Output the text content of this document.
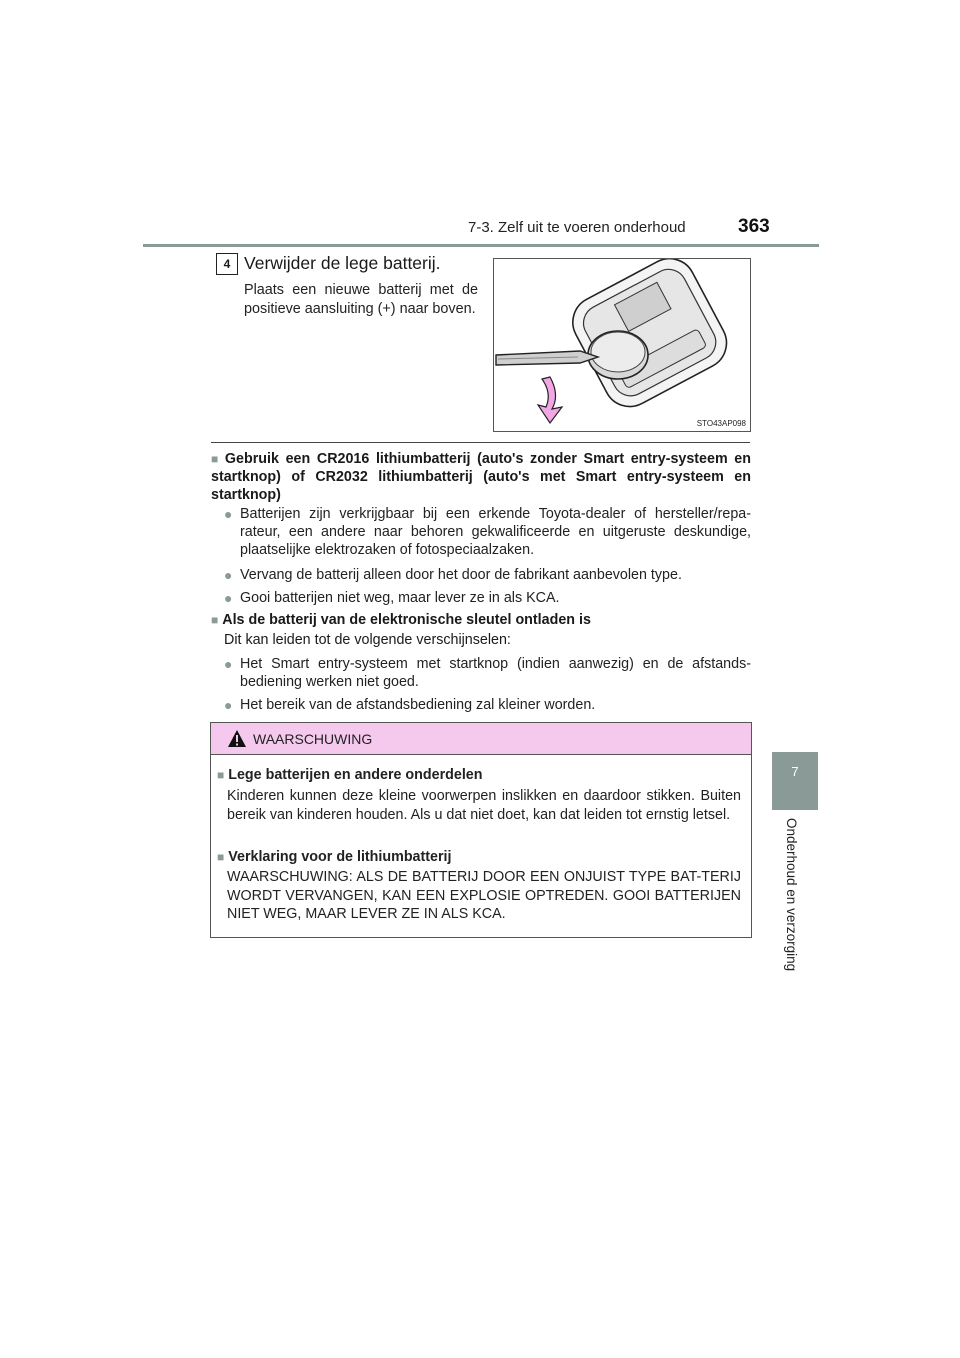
7-3. Zelf uit te voeren onderhoud	363
7
Onderhoud en verzorging
4 Verwijder de lege batterij.
Plaats een nieuwe batterij met de positieve aansluiting (+) naar boven.
STO43AP098
■ Gebruik een CR2016 lithiumbatterij (auto's zonder Smart entry-systeem en startknop) of CR2032 lithiumbatterij (auto's met Smart entry-systeem en startknop)
● Batterijen zijn verkrijgbaar bij een erkende Toyota-dealer of hersteller/repa-rateur, een andere naar behoren gekwalificeerde en uitgeruste deskundige, plaatselijke elektrozaken of fotospeciaalzaken.
● Vervang de batterij alleen door het door de fabrikant aanbevolen type.
● Gooi batterijen niet weg, maar lever ze in als KCA.
■ Als de batterij van de elektronische sleutel ontladen is
Dit kan leiden tot de volgende verschijnselen:
● Het Smart entry-systeem met startknop (indien aanwezig) en de afstands-bediening werken niet goed.
● Het bereik van de afstandsbediening zal kleiner worden.
WAARSCHUWING
■ Lege batterijen en andere onderdelen
Kinderen kunnen deze kleine voorwerpen inslikken en daardoor stikken. Buiten bereik van kinderen houden. Als u dat niet doet, kan dat leiden tot ernstig letsel.
■ Verklaring voor de lithiumbatterij
WAARSCHUWING: ALS DE BATTERIJ DOOR EEN ONJUIST TYPE BAT-TERIJ WORDT VERVANGEN, KAN EEN EXPLOSIE OPTREDEN. GOOI BATTERIJEN NIET WEG, MAAR LEVER ZE IN ALS KCA.
